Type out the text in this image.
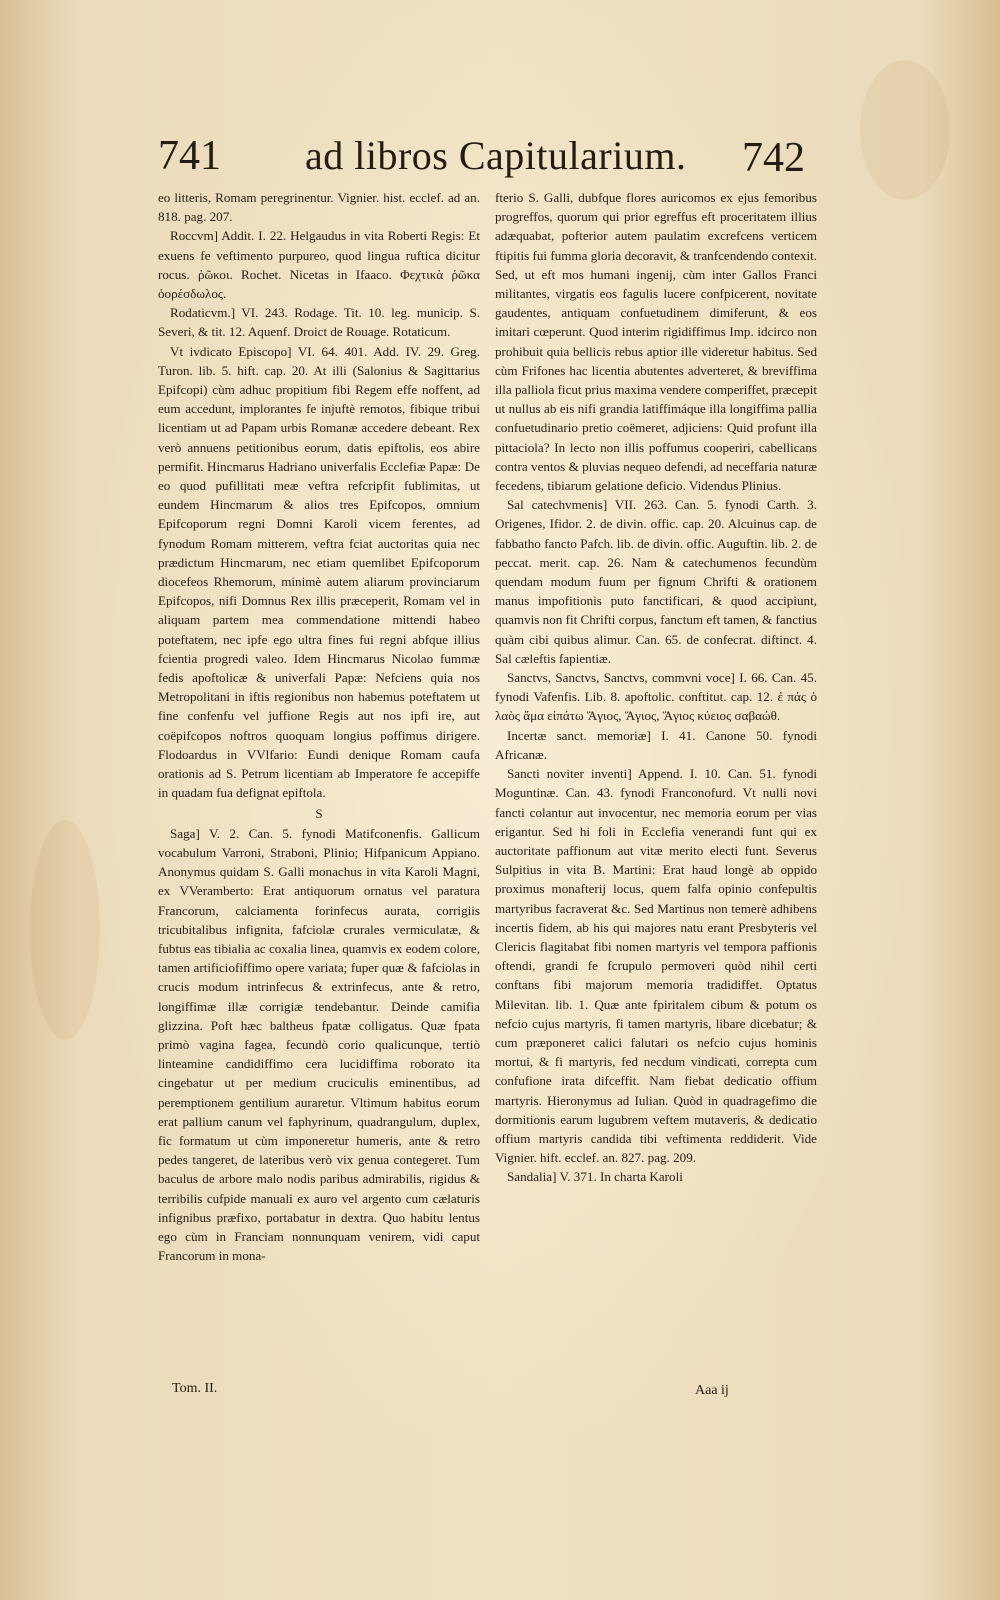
741 ad libros Capitularium. 742

eo litteris, Romam peregrinentur. Vignier. hist. ecclef. ad an. 818. pag. 207.

Roccvm] Addit. I. 22. Helgaudus in vita Roberti Regis: Et exuens fe veftimento purpureo, quod lingua ruftica dicitur rocus. ῥῶκοι. Rochet. Nicetas in Ifaaco. Φεχτικὰ ῥῶκα ὁορέσδωλος.

Rodaticvm.] VI. 243. Rodage. Tit. 10. leg. municip. S. Severi, & tit. 12. Aquenf. Droict de Rouage. Rotaticum.

Vt ivdicato Episcopo] VI. 64. 401. Add. IV. 29. Greg. Turon. lib. 5. hift. cap. 20. At illi (Salonius & Sagittarius Epifcopi) cùm adhuc propitium fibi Regem effe noffent, ad eum accedunt, implorantes fe injuftè remotos, fibique tribui licentiam ut ad Papam urbis Romanæ accedere debeant. Rex verò annuens petitionibus eorum, datis epiftolis, eos abire permifit. Hincmarus Hadriano univerfalis Ecclefiæ Papæ: De eo quod pufillitati meæ veftra refcripfit fublimitas, ut eundem Hincmarum & alios tres Epifcopos, omnium Epifcoporum regni Domni Karoli vicem ferentes, ad fynodum Romam mitterem, veftra fciat auctoritas quia nec prædictum Hincmarum, nec etiam quemlibet Epifcoporum diocefeos Rhemorum, minimè autem aliarum provinciarum Epifcopos, nifi Domnus Rex illis præceperit, Romam vel in aliquam partem mea commendatione mittendi habeo poteftatem, nec ipfe ego ultra fines fui regni abfque illius fcientia progredi valeo. Idem Hincmarus Nicolao fummæ fedis apoftolicæ & univerfali Papæ: Nefciens quia nos Metropolitani in iftis regionibus non habemus poteftatem ut fine confenfu vel juffione Regis aut nos ipfi ire, aut coëpifcopos noftros quoquam longius poffimus dirigere. Flodoardus in VVlfario: Eundi denique Romam caufa orationis ad S. Petrum licentiam ab Imperatore fe accepiffe in quadam fua defignat epiftola.

S

Saga] V. 2. Can. 5. fynodi Matifconenfis. Gallicum vocabulum Varroni, Straboni, Plinio; Hifpanicum Appiano. Anonymus quidam S. Galli monachus in vita Karoli Magni, ex VVeramberto: Erat antiquorum ornatus vel paratura Francorum, calciamenta forinfecus aurata, corrigiis tricubitalibus infignita, fafciolæ crurales vermiculatæ, & fubtus eas tibialia ac coxalia linea, quamvis ex eodem colore, tamen artificiofiffimo opere variata; fuper quæ & fafciolas in crucis modum intrinfecus & extrinfecus, ante & retro, longiffimæ illæ corrigiæ tendebantur. Deinde camifia glizzina. Poft hæc baltheus fpatæ colligatus. Quæ fpata primò vagina fagea, fecundò corio qualicunque, tertiò linteamine candidiffimo cera lucidiffima roborato ita cingebatur ut per medium cruciculis eminentibus, ad peremptionem gentilium auraretur. Vltimum habitus eorum erat pallium canum vel faphyrinum, quadrangulum, duplex, fic formatum ut cùm imponeretur humeris, ante & retro pedes tangeret, de lateribus verò vix genua contegeret. Tum baculus de arbore malo nodis paribus admirabilis, rigidus & terribilis cufpide manuali ex auro vel argento cum cælaturis infignibus præfixo, portabatur in dextra. Quo habitu lentus ego cùm in Franciam nonnunquam venirem, vidi caput Francorum in mona-

fterio S. Galli, dubfque flores auricomos ex ejus femoribus progreffos, quorum qui prior egreffus eft proceritatem illius adæquabat, pofterior autem paulatim excrefcens verticem ftipitis fui fumma gloria decoravit, & tranfcendendo contexit. Sed, ut eft mos humani ingenij, cùm inter Gallos Franci militantes, virgatis eos fagulis lucere confpicerent, novitate gaudentes, antiquam confuetudinem dimiferunt, & eos imitari cœperunt. Quod interim rigidiffimus Imp. idcirco non prohibuit quia bellicis rebus aptior ille videretur habitus. Sed cùm Frifones hac licentia abutentes adverteret, & breviffima illa palliola ficut prius maxima vendere comperiffet, præcepit ut nullus ab eis nifi grandia latiffimáque illa longiffima pallia confuetudinario pretio coëmeret, adjiciens: Quid profunt illa pittaciola? In lecto non illis poffumus cooperiri, cabellicans contra ventos & pluvias nequeo defendi, ad neceffaria naturæ fecedens, tibiarum gelatione deficio. Videndus Plinius.

Sal catechvmenis] VII. 263. Can. 5. fynodi Carth. 3. Origenes, Ifidor. 2. de divin. offic. cap. 20. Alcuinus cap. de fabbatho fancto Pafch. lib. de divin. offic. Auguftin. lib. 2. de peccat. merit. cap. 26. Nam & catechumenos fecundùm quendam modum fuum per fignum Chrifti & orationem manus impofitionis puto fanctificari, & quod accipiunt, quamvis non fit Chrifti corpus, fanctum eft tamen, & fanctius quàm cibi quibus alimur. Can. 65. de confecrat. diftinct. 4. Sal cæleftis fapientiæ.

Sanctvs, Sanctvs, Sanctvs, commvni voce] I. 66. Can. 45. fynodi Vafenfis. Lib. 8. apoftolic. conftitut. cap. 12. ἐ πάς ὁ λαὸς ἅμα εἰπάτω Ἅγιος, Ἅγιος, Ἅγιος κύειος σαβαώθ.

Incertæ sanct. memoriæ] I. 41. Canone 50. fynodi Africanæ.

Sancti noviter inventi] Append. I. 10. Can. 51. fynodi Moguntinæ. Can. 43. fynodi Franconofurd. Vt nulli novi fancti colantur aut invocentur, nec memoria eorum per vias erigantur. Sed hi foli in Ecclefia venerandi funt qui ex auctoritate paffionum aut vitæ merito electi funt. Severus Sulpitius in vita B. Martini: Erat haud longè ab oppido proximus monafterij locus, quem falfa opinio confepultis martyribus facraverat &c. Sed Martinus non temerè adhibens incertis fidem, ab his qui majores natu erant Presbyteris vel Clericis flagitabat fibi nomen martyris vel tempora paffionis oftendi, grandi fe fcrupulo permoveri quòd nihil certi conftans fibi majorum memoria tradidiffet. Optatus Milevitan. lib. 1. Quæ ante fpiritalem cibum & potum os nefcio cujus martyris, fi tamen martyris, libare dicebatur; & cum præponeret calici falutari os nefcio cujus hominis mortui, & fi martyris, fed necdum vindicati, correpta cum confufione irata difceffit. Nam fiebat dedicatio offium martyris. Hieronymus ad Iulian. Quòd in quadragefimo die dormitionis earum lugubrem veftem mutaveris, & dedicatio offium martyris candida tibi veftimenta reddiderit. Vide Vignier. hift. ecclef. an. 827. pag. 209.

Sandalia] V. 371. In charta Karoli

Tom. II.	Aaa ij
